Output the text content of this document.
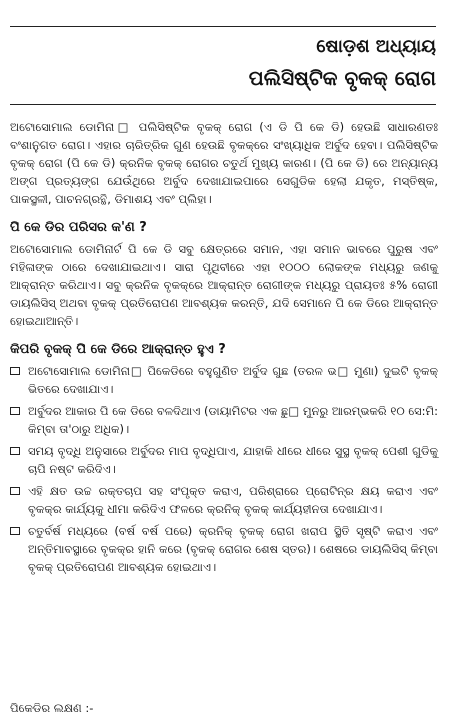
ଷୋଡ଼ଶ ଅଧ୍ୟାୟ
ପଲିସିଷ୍ଟିକ ବୃକକ୍ ରୋଗ

ଅଟୋସୋମାଲ ଡୋମିନା□ ପଲିସିଷ୍ଟିକ ବୃକକ୍ ରୋଗ (ଏ ଡି ପି କେ ଡି) ହେଉଛି ସାଧାରଣତଃ ବଂଶାନୁଗତ ରୋଗ। ଏହାର ଚାରିତ୍ରିକ ଗୁଣ ହେଉଛି ବୃକକ୍‌ରେ ସଂଖ୍ୟାଧିକ ଅର୍ବୁଦ ହେବା। ପଲିସିଷ୍ଟିକ ବୃକକ୍ ରୋଗ (ପି କେ ଡି) କ୍ରନିକ ବୃକକ୍ ରୋଗର ଚତୁର୍ଥ ମୁଖ୍ୟ କାରଣ। (ପି କେ ଡି) ରେ ଅନ୍ୟାନ୍ୟ ଅଙ୍ଗ ପ୍ରତ୍ୟଙ୍ଗ ଯେଉଁଥିରେ ଅର୍ବୁଦ ଦେଖାଯାଇପାରେ ସେଗୁଡିକ ହେଲା ଯକୃତ, ମସ୍ତିଷ୍କ, ପାକସ୍ଥଳୀ, ପାଚନଗ୍ରନ୍ଥି, ଡିମାଶୟ ଏବଂ ପ୍ଲିହା।

ପି କେ ଡିର ପରିସର କ'ଣ ?

ଅଟୋସୋମାଲ ଡୋମିନାର୍ଟ ପି କେ ଡି ସବୁ କ୍ଷେତ୍ରରେ ସମାନ, ଏହା ସମାନ ଭାବରେ ପୁରୁଷ ଏବଂ ମହିଳାଙ୍କ ଠାରେ ଦେଖାଯାଇଥାଏ। ସାରା ପୃଥିବୀରେ ଏହା ୧୦୦୦ ଲୋକଙ୍କ ମଧ୍ୟରୁ ଜଣକୁ ଆକ୍ରାନ୍ତ କରିଥାଏ। ସବୁ କ୍ରନିକ ବୃକକ୍‌ରେ ଆକ୍ରାନ୍ତ ରୋଗୀଙ୍କ ମଧ୍ୟରୁ ପ୍ରାୟତଃ ୫% ରୋଗୀ ଡାୟଲିସିସ୍ ଅଥବା ବୃକକ୍ ପ୍ରତିରୋପଣ ଆବଶ୍ୟକ କରନ୍ତି, ଯଦି ସେମାନେ ପି କେ ଡିରେ ଆକ୍ରାନ୍ତ ହୋଇଥାଆନ୍ତି।

କିପରି ବୃକକ୍ ପି କେ ଡିରେ ଆକ୍ରାନ୍ତ ହୁଏ ?
ଅଟୋସୋମାଲ ଡୋମିନା□ ପିକେଡିରେ ବହୁଗୁଣିତ ଅର୍ବୁଦ ଗୁଛ (ତରଳ ଭ□ ମୁଣା) ଦୁଇଟି ବୃକକ୍ ଭିତରେ ଦେଖାଯାଏ।
ଅର୍ବୁଦର ଆକାର ପି କେ ଡିରେ ବଳଦିଥାଏ (ଡାୟାମିଟର ଏକ ଛୁ□ ମୁନରୁ ଆରମ୍ଭକରି ୧୦ ସେ:ମି: କିମ୍ବା ତା'ଠାରୁ ଅଧିକ)।
ସମୟ ବୃଦ୍ଧି ଅନୁସାରେ ଅର୍ବୁଦର ମାପ ବୃଦ୍ଧିପାଏ, ଯାହାକି ଧୀରେ ଧୀରେ ସୁସ୍ଥ ବୃକକ୍ ପେଶୀ ଗୁଡିକୁ ଚାପି ନଷ୍ଟ କରିଦିଏ।
ଏହି କ୍ଷତ ଉଚ୍ଚ ରକ୍ତଚାପ ସହ ସଂପୃକ୍ତ କରାଏ, ପରିଶ୍ରାରେ ପ୍ରୋଟିନ୍‌ର କ୍ଷୟ କରାଏ ଏବଂ ବୃକକ୍‌ର କାର୍ଯ୍ୟକୁ ଧୀମା କରିଦିଏ ଫଳରେ କ୍ରନିକ୍ ବୃକକ୍ କାର୍ଯ୍ୟହୀନତା ଦେଖାଯାଏ।
ଚତୁର୍ବର୍ଷ ମଧ୍ୟରେ (ବର୍ଷ ବର୍ଷ ପରେ) କ୍ରନିକ୍ ବୃକକ୍ ରୋଗ ଖରାପ ସ୍ଥିତି ସୃଷ୍ଟି କରାଏ ଏବଂ ଅନ୍ତିମାବସ୍ଥାରେ ବୃକକ୍‌ର ହାନି କରେ (ବୃକକ୍ ରୋଗର ଶେଷ ସ୍ତର)। ଶେଷରେ ଡାୟଲିସିସ୍ କିମ୍ବା ବୃକକ୍ ପ୍ରତିରୋପଣ ଆବଶ୍ୟକ ହୋଇଥାଏ।
ପିକେଡିର ଲକ୍ଷଣ :-
